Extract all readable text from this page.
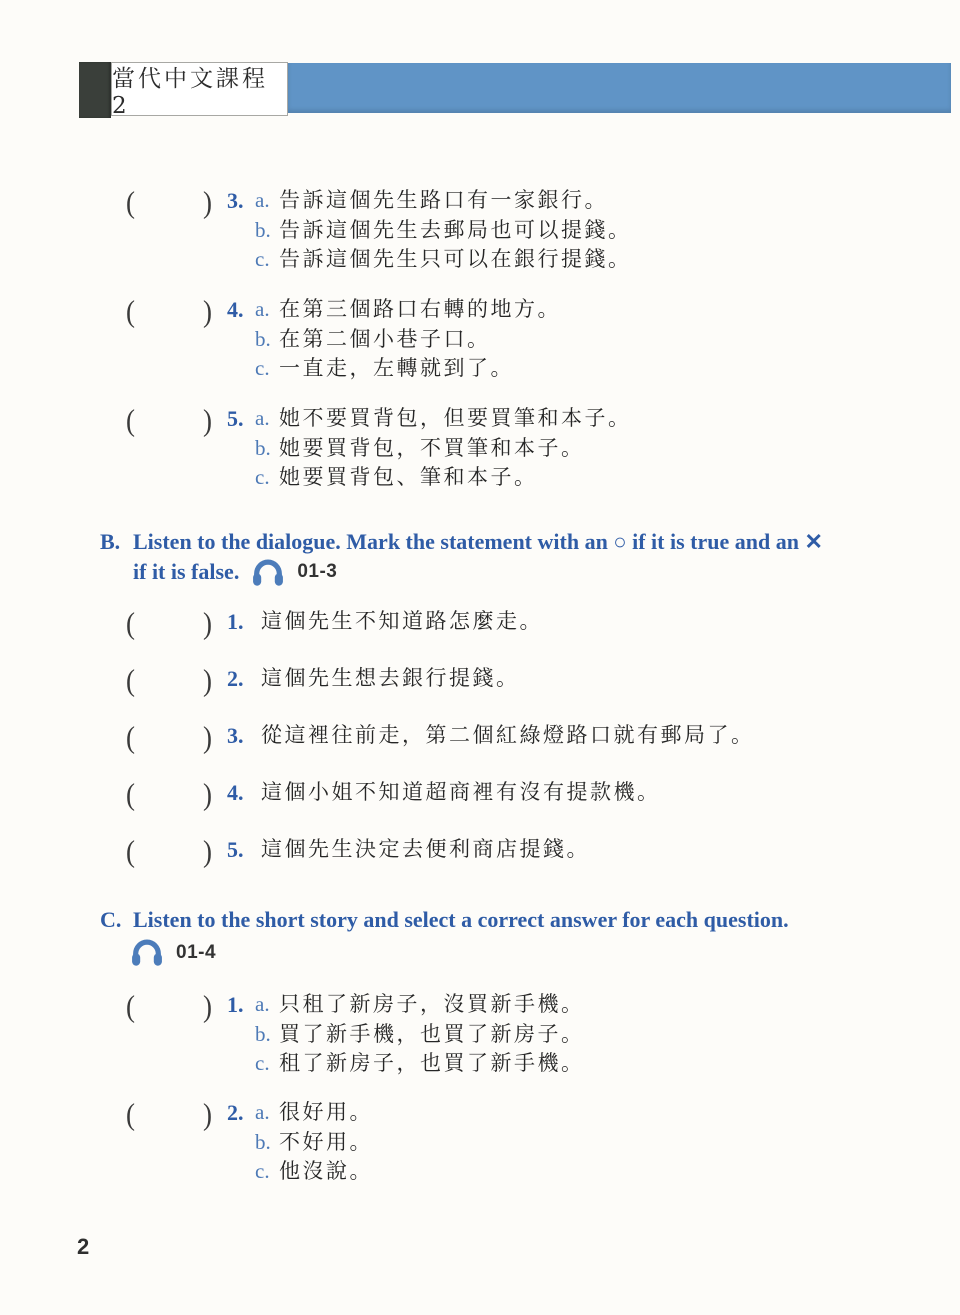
當代中文課程 2
(	) 3. a. 告訴這個先生路口有一家銀行。
b. 告訴這個先生去郵局也可以提錢。
c. 告訴這個先生只可以在銀行提錢。
(	) 4. a. 在第三個路口右轉的地方。
b. 在第二個小巷子口。
c. 一直走，左轉就到了。
(	) 5. a. 她不要買背包，但要買筆和本子。
b. 她要買背包，不買筆和本子。
c. 她要買背包、筆和本子。
B. Listen to the dialogue. Mark the statement with an ○ if it is true and an ✕
if it is false.	01-3
(	) 1. 這個先生不知道路怎麼走。
(	) 2. 這個先生想去銀行提錢。
(	) 3. 從這裡往前走，第二個紅綠燈路口就有郵局了。
(	) 4. 這個小姐不知道超商裡有沒有提款機。
(	) 5. 這個先生決定去便利商店提錢。
C. Listen to the short story and select a correct answer for each question.
01-4
(	) 1. a. 只租了新房子，沒買新手機。
b. 買了新手機，也買了新房子。
c. 租了新房子，也買了新手機。
(	) 2. a. 很好用。
b. 不好用。
c. 他沒說。
2
